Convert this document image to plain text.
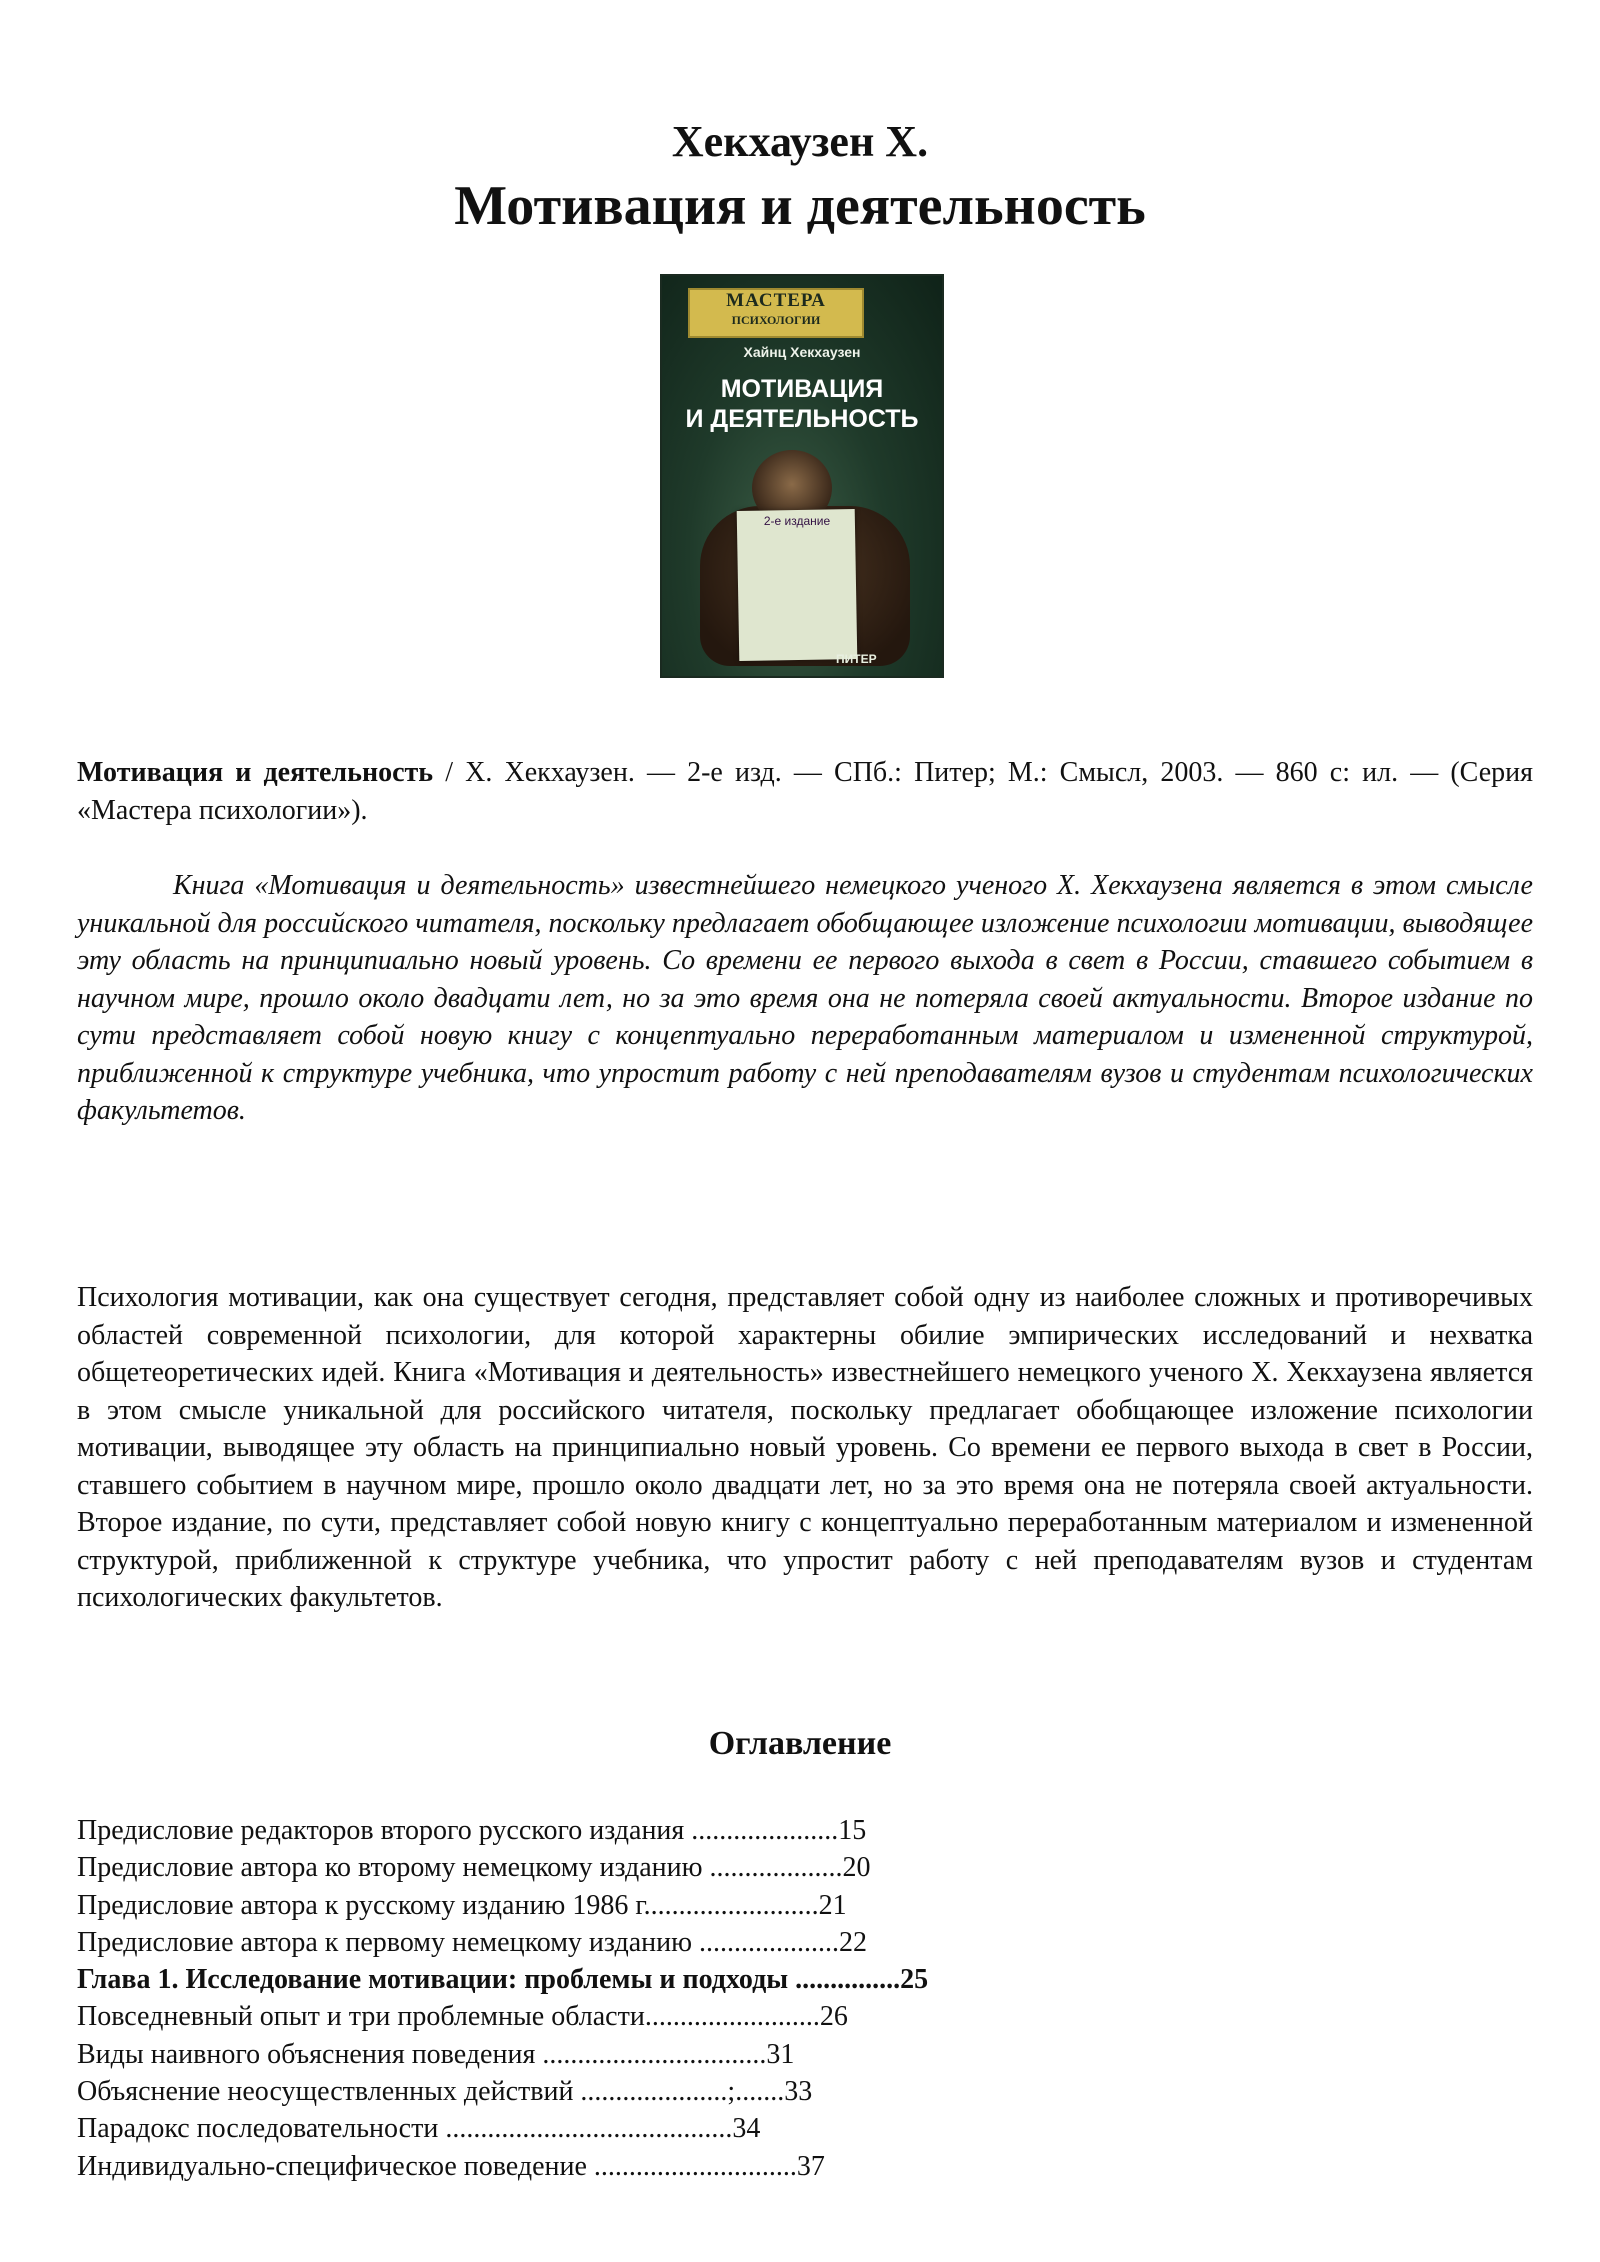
Хекхаузен Х.
Мотивация и деятельность
МАСТЕРА
ПСИХОЛОГИИ
Хайнц Хекхаузен
МОТИВАЦИЯ
И ДЕЯТЕЛЬНОСТЬ
2-е издание
ПИТЕР

Мотивация и деятельность / Х. Хекхаузен. — 2-е изд. — СПб.: Питер; М.: Смысл, 2003. — 860 с: ил. — (Серия «Мастера психологии»).

Книга «Мотивация и деятельность» известнейшего немецкого ученого Х. Хекхаузена является в этом смысле уникальной для российского читателя, поскольку предлагает обобщающее изложение психологии мотивации, выводящее эту область на принципиально новый уровень. Со времени ее первого выхода в свет в России, ставшего событием в научном мире, прошло около двадцати лет, но за это время она не потеряла своей актуальности. Второе издание по сути представляет собой новую книгу с концептуально переработанным материалом и измененной структурой, приближенной к структуре учебника, что упростит работу с ней преподавателям вузов и студентам психологических факультетов.

Психология мотивации, как она существует сегодня, представляет собой одну из наиболее сложных и противоречивых областей современной психологии, для которой характерны обилие эмпирических исследований и нехватка общетеоретических идей. Книга «Мотивация и деятельность» известнейшего немецкого ученого Х. Хекхаузена является в этом смысле уникальной для российского читателя, поскольку предлагает обобщающее изложение психологии мотивации, выводящее эту область на принципиально новый уровень. Со времени ее первого выхода в свет в России, ставшего событием в научном мире, прошло около двадцати лет, но за это время она не потеряла своей актуальности. Второе издание, по сути, представляет собой новую книгу с концептуально переработанным материалом и измененной структурой, приближенной к структуре учебника, что упростит работу с ней преподавателям вузов и студентам психологических факультетов.

Оглавление
Предисловие редакторов второго русского издания .....................15
Предисловие автора ко второму немецкому изданию ...................20
Предисловие автора к русскому изданию 1986 г.........................21
Предисловие автора к первому немецкому изданию ....................22
Глава 1. Исследование мотивации: проблемы и подходы ...............25
Повседневный опыт и три проблемные области.........................26
Виды наивного объяснения поведения ................................31
Объяснение неосуществленных действий .....................;.......33
Парадокс последовательности .........................................34
Индивидуально-специфическое поведение .............................37
